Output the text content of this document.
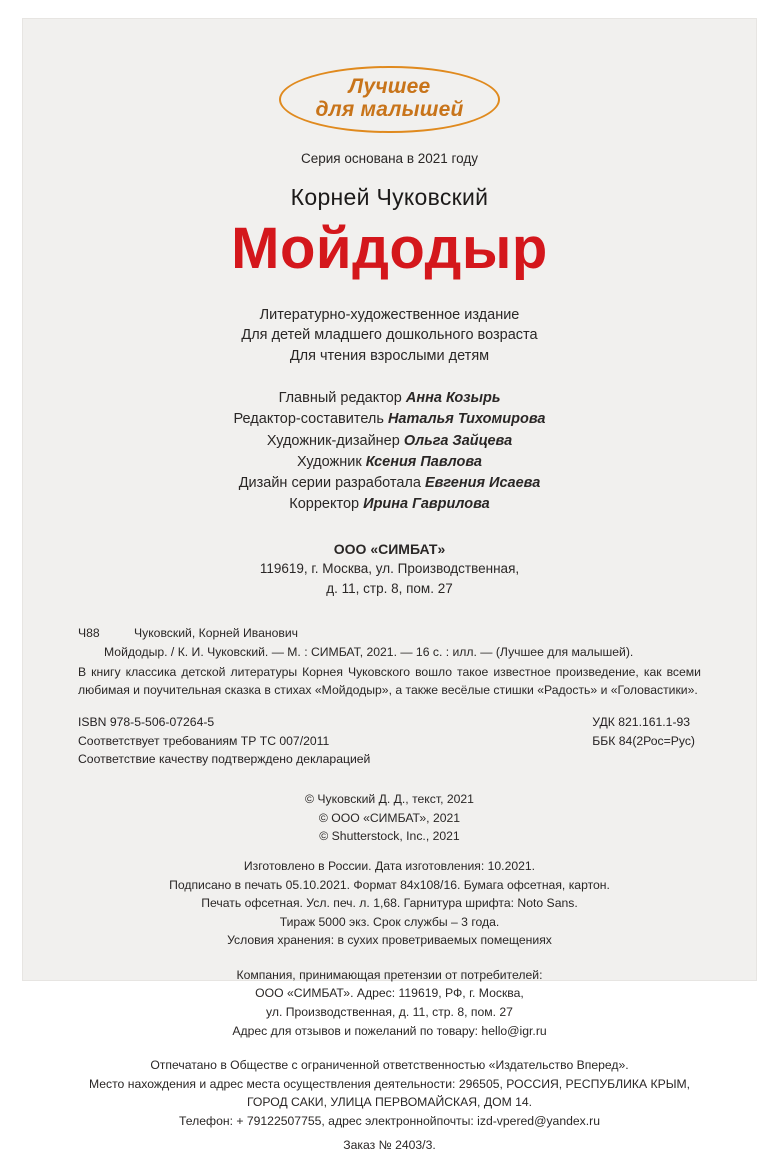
Лучшее
для малышей
Серия основана в 2021 году
Корней Чуковский
Мойдодыр
Литературно-художественное издание
Для детей младшего дошкольного возраста
Для чтения взрослыми детям
Главный редактор Анна Козырь
Редактор-составитель Наталья Тихомирова
Художник-дизайнер Ольга Зайцева
Художник Ксения Павлова
Дизайн серии разработала Евгения Исаева
Корректор Ирина Гаврилова
ООО «СИМБАТ»
119619, г. Москва, ул. Производственная,
д. 11, стр. 8, пом. 27
Ч88	Чуковский, Корней Иванович
Мойдодыр. / К. И. Чуковский. — М. : СИМБАТ, 2021. — 16 с. : илл. — (Лучшее для малышей).
В книгу классика детской литературы Корнея Чуковского вошло такое известное произведение, как всеми любимая и поучительная сказка в стихах «Мойдодыр», а также весёлые стишки «Радость» и «Головастики».
ISBN 978-5-506-07264-5
Соответствует требованиям ТР ТС 007/2011
Соответствие качеству подтверждено декларацией
УДК 821.161.1-93
ББК 84(2Рос=Рус)
© Чуковский Д. Д., текст, 2021
© ООО «СИМБАТ», 2021
© Shutterstock, Inc., 2021
Изготовлено в России. Дата изготовления: 10.2021.
Подписано в печать 05.10.2021. Формат 84х108/16. Бумага офсетная, картон.
Печать офсетная. Усл. печ. л. 1,68. Гарнитура шрифта: Noto Sans.
Тираж 5000 экз. Срок службы – 3 года.
Условия хранения: в сухих проветриваемых помещениях
Компания, принимающая претензии от потребителей:
ООО «СИМБАТ». Адрес: 119619, РФ, г. Москва,
ул. Производственная, д. 11, стр. 8, пом. 27
Адрес для отзывов и пожеланий по товару: hello@igr.ru
Отпечатано в Обществе с ограниченной ответственностью «Издательство Вперед».
Место нахождения и адрес места осуществления деятельности: 296505, РОССИЯ, РЕСПУБЛИКА КРЫМ,
ГОРОД САКИ, УЛИЦА ПЕРВОМАЙСКАЯ, ДОМ 14.
Телефон: + 79122507755, адрес электроннойпочты: izd-vpered@yandex.ru
Заказ № 2403/3.
